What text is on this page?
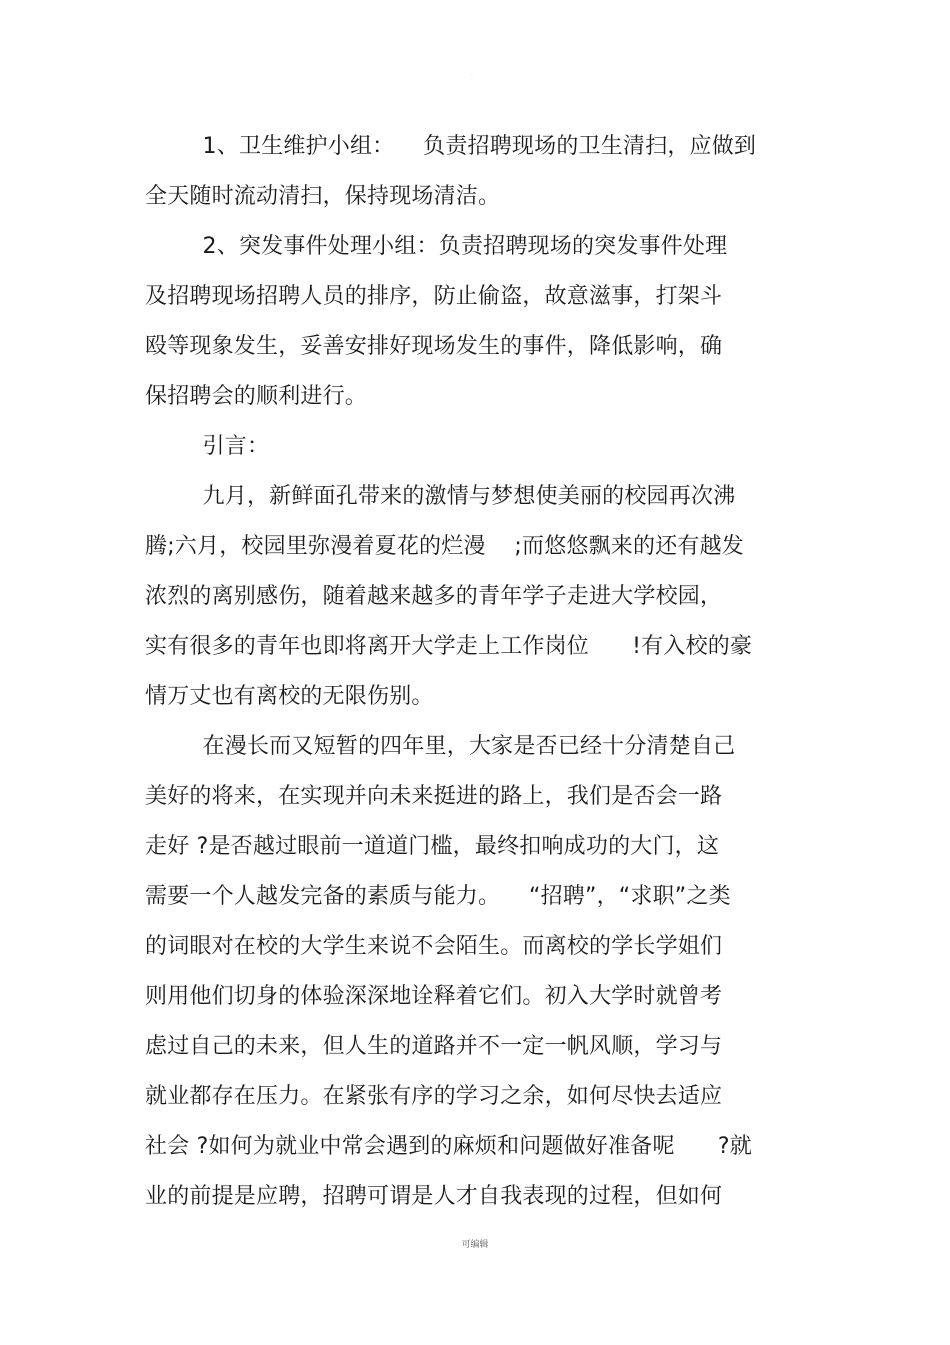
.
1、卫生维护小组：    负责招聘现场的卫生清扫，应做到
全天随时流动清扫，保持现场清洁。
2、突发事件处理小组：负责招聘现场的突发事件处理
及招聘现场招聘人员的排序，防止偷盗，故意滋事，打架斗
殴等现象发生，妥善安排好现场发生的事件，降低影响，确
保招聘会的顺利进行。
引言：
九月，新鲜面孔带来的激情与梦想使美丽的校园再次沸
腾;六月，校园里弥漫着夏花的烂漫    ;而悠悠飘来的还有越发
浓烈的离别感伤，随着越来越多的青年学子走进大学校园，
实有很多的青年也即将离开大学走上工作岗位      !有入校的豪
情万丈也有离校的无限伤别。
在漫长而又短暂的四年里，大家是否已经十分清楚自己
美好的将来，在实现并向未来挺进的路上，我们是否会一路
走好 ?是否越过眼前一道道门槛，最终扣响成功的大门，这
需要一个人越发完备的素质与能力。    “招聘”，“求职”之类
的词眼对在校的大学生来说不会陌生。而离校的学长学姐们
则用他们切身的体验深深地诠释着它们。初入大学时就曾考
虑过自己的未来，但人生的道路并不一定一帆风顺，学习与
就业都存在压力。在紧张有序的学习之余，如何尽快去适应
社会 ?如何为就业中常会遇到的麻烦和问题做好准备呢      ?就
业的前提是应聘，招聘可谓是人才自我表现的过程，但如何
可编辑
